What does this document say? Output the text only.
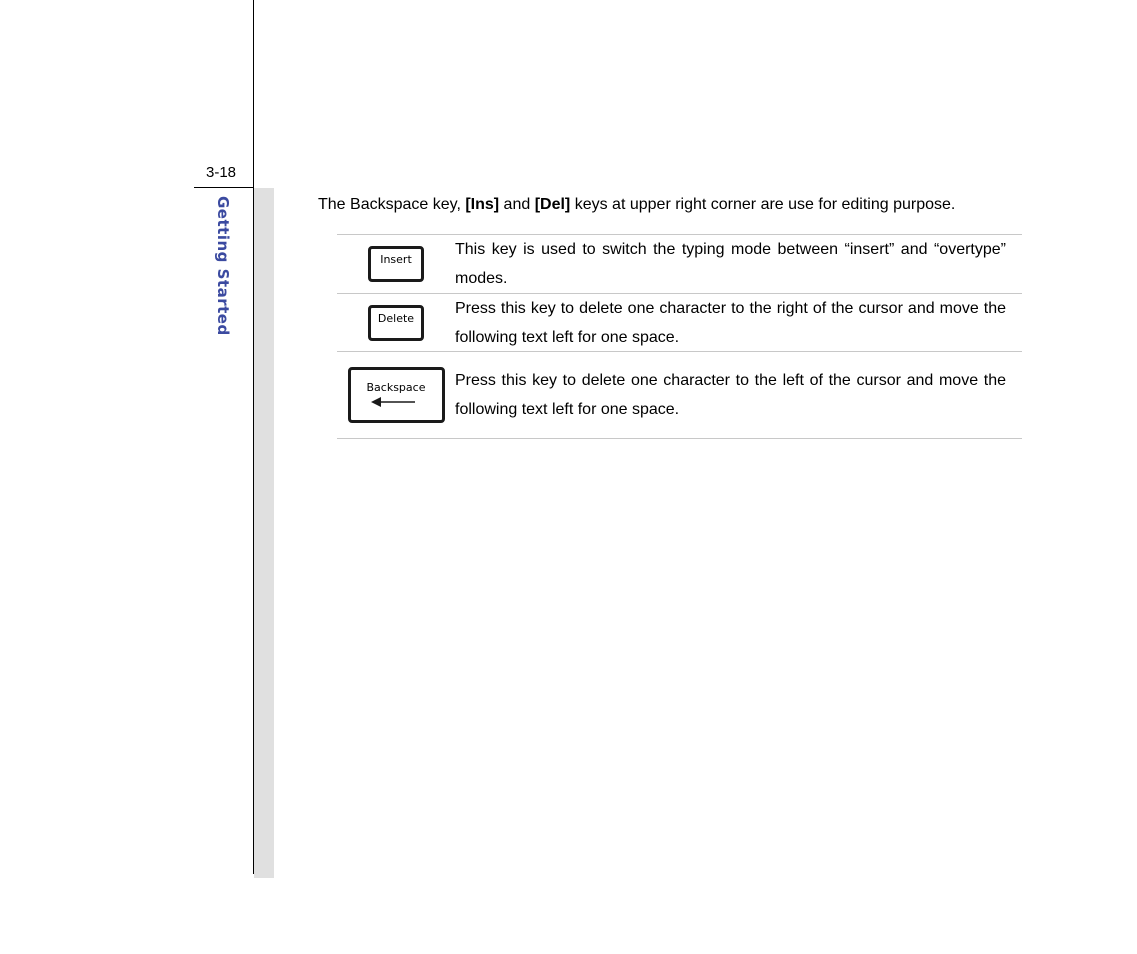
3-18
Getting Started	The Backspace key, [Ins] and [Del] keys at upper right corner are use for editing purpose.
Insert
This key is used to switch the typing mode between “insert” and “overtype” modes.
Delete
Press this key to delete one character to the right of the cursor and move the following text left for one space.
Backspace Press this key to delete one character to the left of the cursor and move the following text left for one space.
